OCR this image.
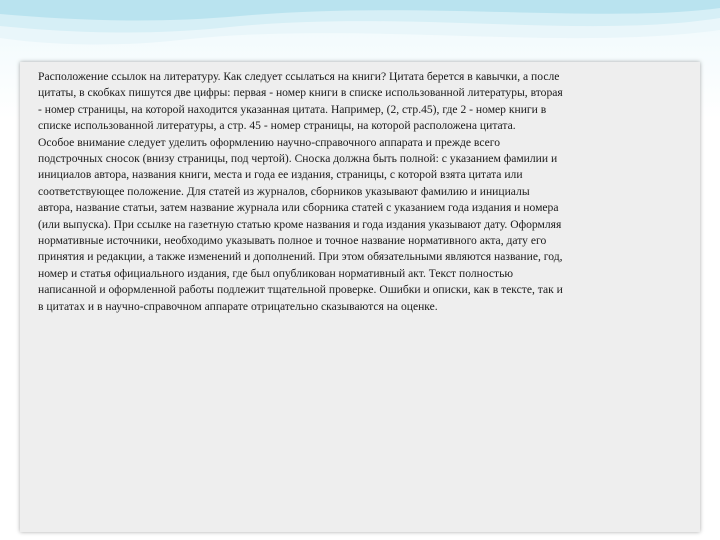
Расположение ссылок на литературу. Как следует ссылаться на книги? Цитата берется в кавычки, а после
цитаты, в скобках пишутся две цифры: первая - номер книги в списке использованной литературы, вторая
- номер страницы, на которой находится указанная цитата. Например, (2, стр.45), где 2 - номер книги в
списке использованной литературы, а стр. 45 - номер страницы, на которой расположена цитата.
Особое внимание следует уделить оформлению научно-справочного аппарата и прежде всего
подстрочных сносок (внизу страницы, под чертой). Сноска должна быть полной: с указанием фамилии и
инициалов автора, названия книги, места и года ее издания, страницы, с которой взята цитата или
соответствующее положение. Для статей из журналов, сборников указывают фамилию и инициалы
автора, название статьи, затем название журнала или сборника статей с указанием года издания и номера
(или выпуска). При ссылке на газетную статью кроме названия и года издания указывают дату. Оформляя
нормативные источники, необходимо указывать полное и точное название нормативного акта, дату его
принятия и редакции, а также изменений и дополнений. При этом обязательными являются название, год,
номер и статья официального издания, где был опубликован нормативный акт. Текст полностью
написанной и оформленной работы подлежит тщательной проверке. Ошибки и описки, как в тексте, так и
в цитатах и в научно-справочном аппарате отрицательно сказываются на оценке.
